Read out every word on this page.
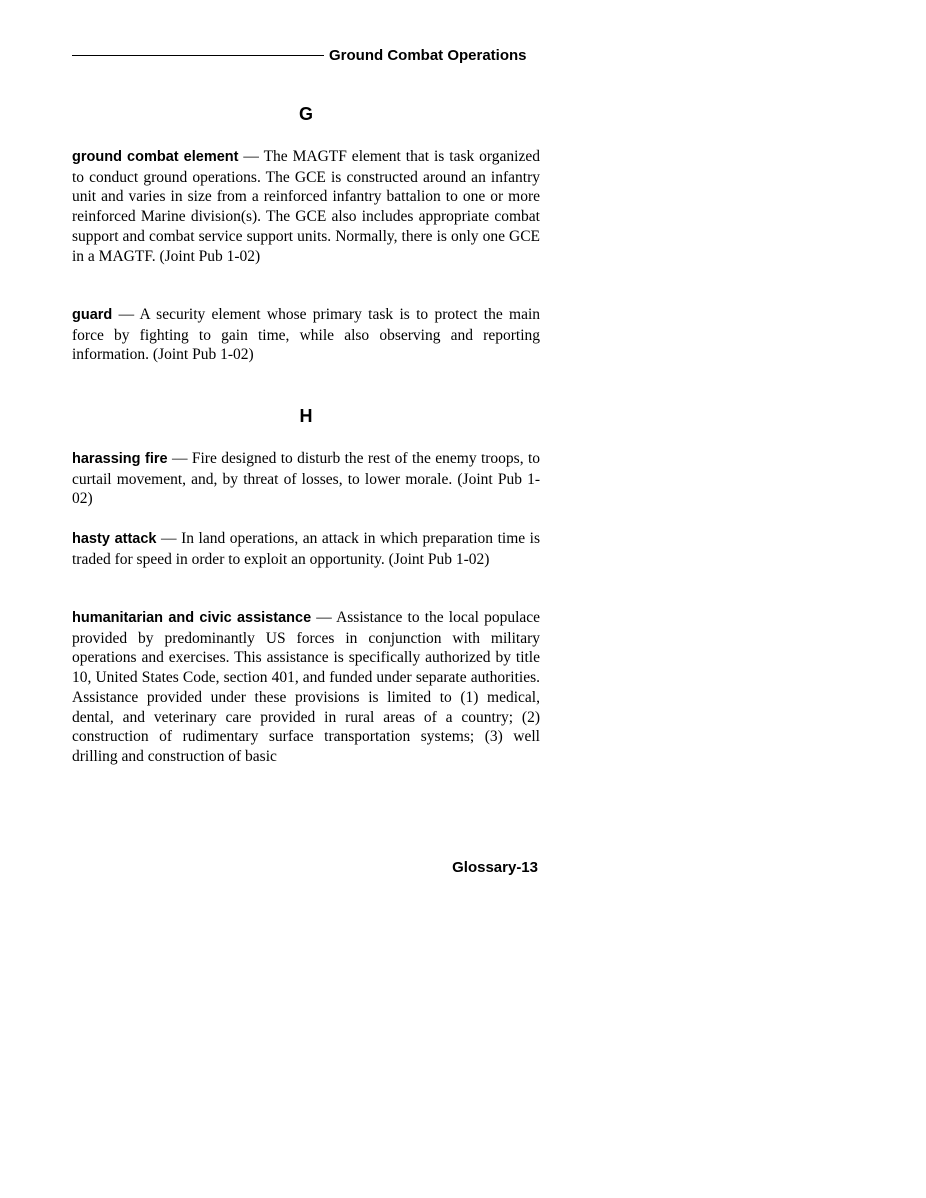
Ground Combat Operations
G
ground combat element — The MAGTF element that is task organized to conduct ground operations. The GCE is constructed around an infantry unit and varies in size from a reinforced infantry battalion to one or more reinforced Marine division(s). The GCE also includes appropriate combat support and combat service support units. Normally, there is only one GCE in a MAGTF. (Joint Pub 1-02)
guard — A security element whose primary task is to protect the main force by fighting to gain time, while also observing and reporting information. (Joint Pub 1-02)
H
harassing fire — Fire designed to disturb the rest of the enemy troops, to curtail movement, and, by threat of losses, to lower morale. (Joint Pub 1-02)
hasty attack — In land operations, an attack in which preparation time is traded for speed in order to exploit an opportunity. (Joint Pub 1-02)
humanitarian and civic assistance — Assistance to the local populace provided by predominantly US forces in conjunction with military operations and exercises. This assistance is specifically authorized by title 10, United States Code, section 401, and funded under separate authorities. Assistance provided under these provisions is limited to (1) medical, dental, and veterinary care provided in rural areas of a country; (2) construction of rudimentary surface transportation systems; (3) well drilling and construction of basic
Glossary-13
